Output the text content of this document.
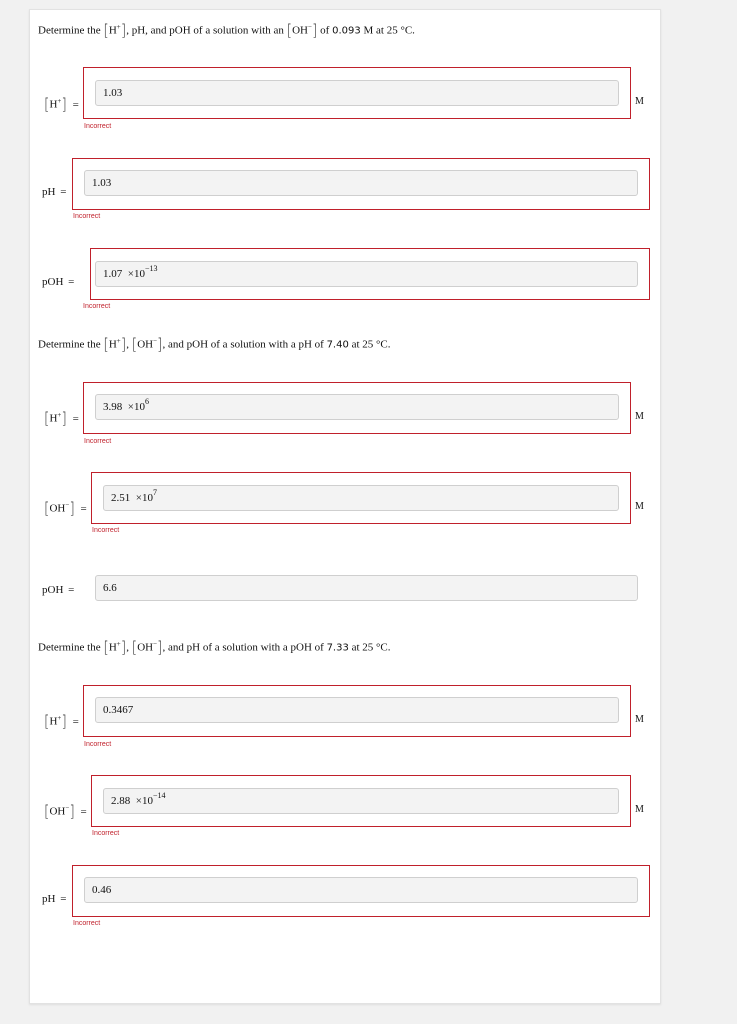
Determine the [H+], pH, and pOH of a solution with an [OH−] of 0.093 M at 25 °C.
[H+] =
1.03
Incorrect
M
pH =
1.03
Incorrect
pOH =
$1.07 \times 10^{-13}$
Incorrect
Determine the [H+], [OH−], and pOH of a solution with a pH of 7.40 at 25 °C.
[H+] =
$3.98 \times 10^6$
Incorrect
M
[OH−] =
$2.51 \times 10^7$
Incorrect
M
pOH =	6.6
Determine the [H+], [OH−], and pH of a solution with a pOH of 7.33 at 25 °C.
[H+] =
0.3467
Incorrect
M
[OH−] =
$2.88 \times 10^{-14}$
Incorrect
M
pH =
0.46
Incorrect
